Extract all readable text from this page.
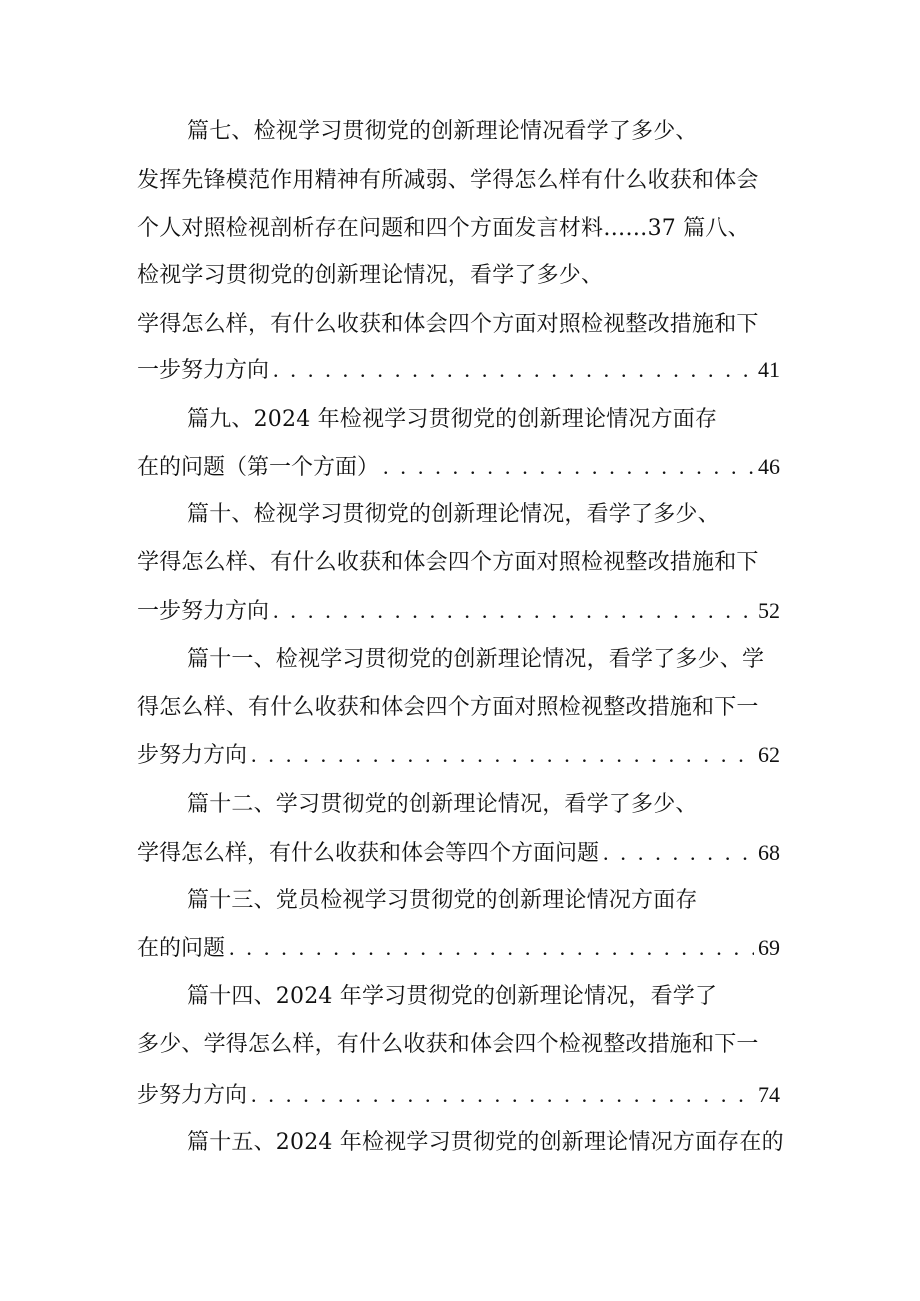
篇七、检视学习贯彻党的创新理论情况看学了多少、
发挥先锋模范作用精神有所减弱、学得怎么样有什么收获和体会
个人对照检视剖析存在问题和四个方面发言材料……37 篇八、
检视学习贯彻党的创新理论情况，看学了多少、
学得怎么样，有什么收获和体会四个方面对照检视整改措施和下
一步努力方向 . . .	41
篇九、2024 年检视学习贯彻党的创新理论情况方面存
在的问题（第一个方面） . . .	46
篇十、检视学习贯彻党的创新理论情况，看学了多少、
学得怎么样、有什么收获和体会四个方面对照检视整改措施和下
一步努力方向 . . .	52
篇十一、检视学习贯彻党的创新理论情况，看学了多少、学
得怎么样、有什么收获和体会四个方面对照检视整改措施和下一
步努力方向 . . .	62
篇十二、学习贯彻党的创新理论情况，看学了多少、
学得怎么样，有什么收获和体会等四个方面问题 . . .	68
篇十三、党员检视学习贯彻党的创新理论情况方面存
在的问题 . . .	69
篇十四、2024 年学习贯彻党的创新理论情况，看学了
多少、学得怎么样，有什么收获和体会四个检视整改措施和下一
步努力方向 . . .	74
篇十五、2024 年检视学习贯彻党的创新理论情况方面存在的
